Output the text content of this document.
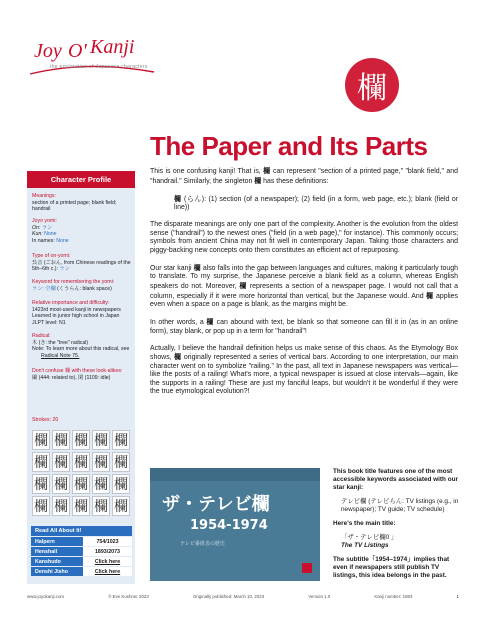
Joy O' Kanji
the exploration of Japanese characters
欄
The Paper and Its Parts
Character Profile
Meanings:
section of a printed page; blank field; handrail
Joyo yomi:
On: ラン
Kun: None
In names: None
Type of on-yomi:
呉音 (ごおん, from Chinese readings of the 5th–6th c.): ラン
Keyword for remembering the yomi:
ラン: 空欄 (くうらん: blank space)
Relative importance and difficulty:
1423rd most-used kanji in newspapers
Learned in junior high school in Japan
JLPT level: N1
Radical:
木 (き: the "tree" radical)
Note: To learn more about this radical, see

Radical Note 75.
Don't confuse 欄 with these look-alikes:
闌 (444: related to), 閑 (1109: idle)
Strokes: 20
欄 欄 欄 欄 欄
欄 欄 欄 欄 欄
欄 欄 欄 欄 欄
欄 欄 欄 欄 欄
Read All About It!
Halpern	754/1023
Henshall	1893/2073
Kanshudo	Click here
Denshi Jisho	Click here

This is one confusing kanji! That is, 欄 can represent "section of a printed page," "blank field," and "handrail." Similarly, the singleton 欄 has these definitions:

欄 (らん): (1) section (of a newspaper); (2) field (in a form, web page, etc.); blank (field or line))

The disparate meanings are only one part of the complexity. Another is the evolution from the oldest sense ("handrail") to the newest ones ("field (in a web page)," for instance). This commonly occurs; symbols from ancient China may not fit well in contemporary Japan. Taking those characters and piggy-backing new concepts onto them constitutes an efficient act of repurposing.

Our star kanji 欄 also falls into the gap between languages and cultures, making it particularly tough to translate. To my surprise, the Japanese perceive a blank field as a column, whereas English speakers do not. Moreover, 欄 represents a section of a newspaper page. I would not call that a column, especially if it were more horizontal than vertical, but the Japanese would. And 欄 applies even when a space on a page is blank, as the margins might be.

In other words, a 欄 can abound with text, be blank so that someone can fill it in (as in an online form), stay blank, or pop up in a term for "handrail"!

Actually, I believe the handrail definition helps us make sense of this chaos. As the Etymology Box shows, 欄 originally represented a series of vertical bars. According to one interpretation, our main character went on to symbolize "railing." In the past, all text in Japanese newspapers was vertical—like the posts of a railing! What's more, a typical newspaper is issued at close intervals—again, like the supports in a railing! These are just my fanciful leaps, but wouldn't it be wonderful if they were the true etymological evolution?!

ザ・テレビ欄
1954-1974
テレビ番組表の歴史

This book title features one of the most accessible keywords associated with our star kanji:

テレビ欄 (テレビらん: TV listings (e.g., in newspaper); TV guide; TV schedule)

Here's the main title:

「ザ・テレビ欄0 」
The TV Listings

The subtitle「1954–1974」implies that even if newspapers still publish TV listings, this idea belongs in the past.

www.joyokanji.com	© Eve Kushner 2023	Originally published: March 10, 2023	Version 1.0	Kanji number: 1893	1
